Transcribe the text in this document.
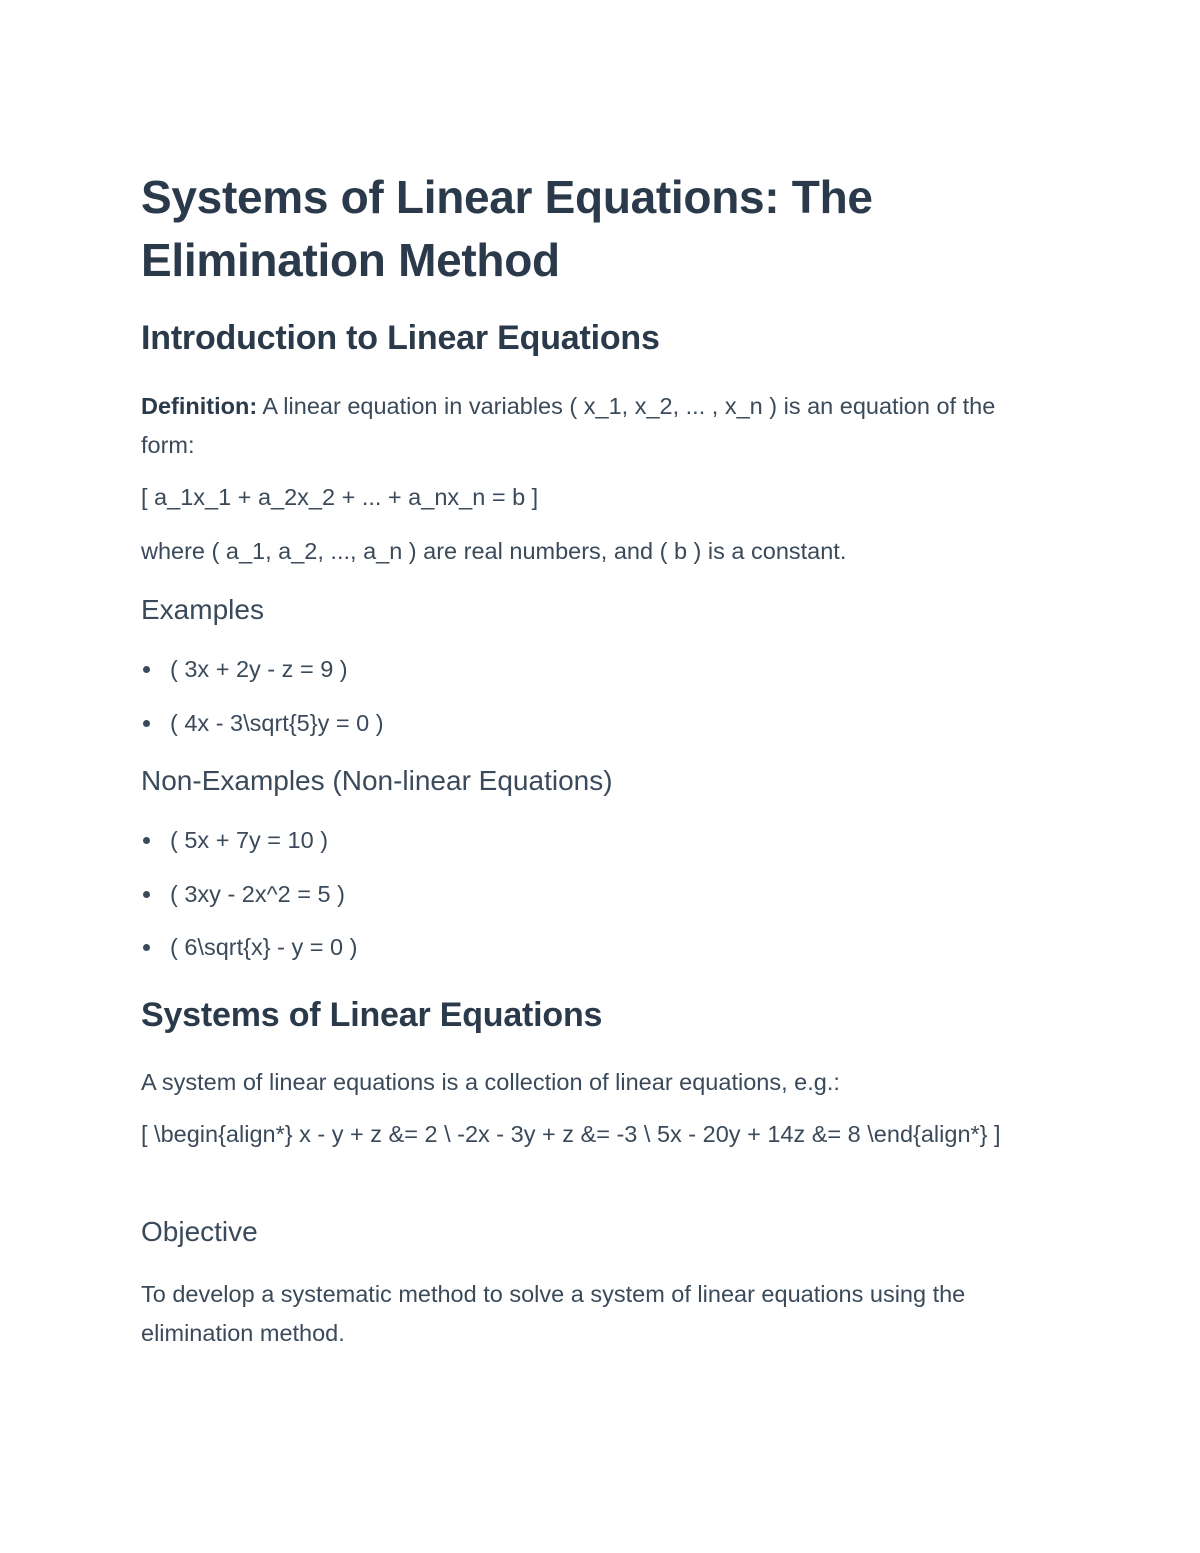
Systems of Linear Equations: The Elimination Method
Introduction to Linear Equations

Definition: A linear equation in variables ( x_1, x_2, ... , x_n ) is an equation of the form:

[ a_1x_1 + a_2x_2 + ... + a_nx_n = b ]

where ( a_1, a_2, ..., a_n ) are real numbers, and ( b ) is a constant.

Examples
( 3x + 2y - z = 9 )
( 4x - 3\sqrt{5}y = 0 )
Non-Examples (Non-linear Equations)
( 5x + 7y = 10 )
( 3xy - 2x^2 = 5 )
( 6\sqrt{x} - y = 0 )
Systems of Linear Equations

A system of linear equations is a collection of linear equations, e.g.:

[ \begin{align*} x - y + z &= 2 \ -2x - 3y + z &= -3 \ 5x - 20y + 14z &= 8 \end{align*} ]

Objective

To develop a systematic method to solve a system of linear equations using the elimination method.
